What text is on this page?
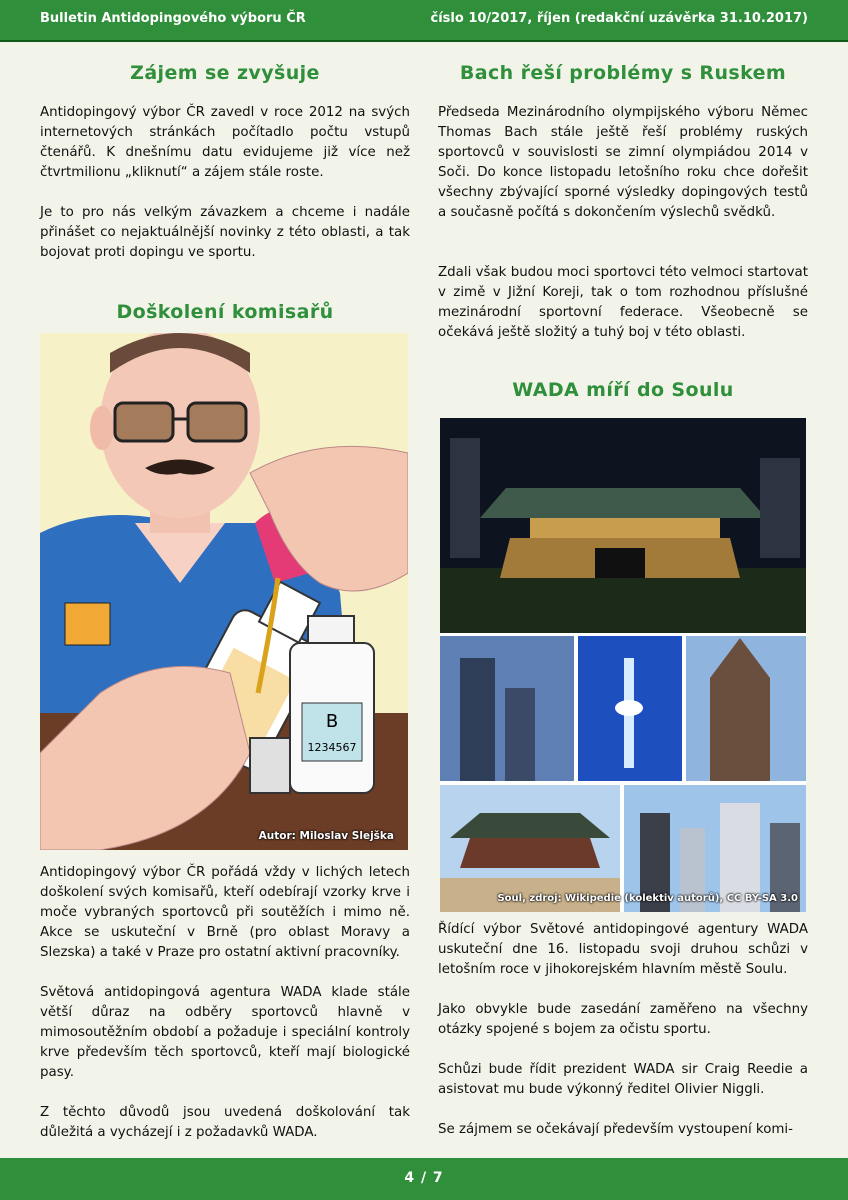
Bulletin Antidopingového výboru ČR	číslo 10/2017, říjen (redakční uzávěrka 31.10.2017)
Zájem se zvyšuje

Antidopingový výbor ČR zavedl v roce 2012 na svých internetových stránkách počítadlo počtu vstupů čtenářů. K dnešnímu datu evidujeme již více než čtvrtmilionu „kliknutí“ a zájem stále roste.

Je to pro nás velkým závazkem a chceme i nadále přinášet co nejaktuálnější novinky z této oblasti, a tak bojovat proti dopingu ve sportu.

Doškolení komisařů
B
1234567
Autor: Miloslav Slejška

Antidopingový výbor ČR pořádá vždy v lichých letech doškolení svých komisařů, kteří odebírají vzorky krve i moče vybraných sportovců při soutěžích i mimo ně. Akce se uskuteční v Brně (pro oblast Moravy a Slezska) a také v Praze pro ostatní aktivní pracovníky.

Světová antidopingová agentura WADA klade stále větší důraz na odběry sportovců hlavně v mimosoutěžním období a požaduje i speciální kontroly krve především těch sportovců, kteří mají biologické pasy.

Z těchto důvodů jsou uvedená doškolování tak důležitá a vycházejí i z požadavků WADA.

Bach řeší problémy s Ruskem

Předseda Mezinárodního olympijského výboru Němec Thomas Bach stále ještě řeší problémy ruských sportovců v souvislosti se zimní olympiádou 2014 v Soči. Do konce listopadu letošního roku chce dořešit všechny zbývající sporné výsledky dopingových testů a současně počítá s dokončením výslechů svědků.

Zdali však budou moci sportovci této velmoci startovat v zimě v Jižní Koreji, tak o tom rozhodnou příslušné mezinárodní sportovní federace. Všeobecně se očekává ještě složitý a tuhý boj v této oblasti.

WADA míří do Soulu
Soul, zdroj: Wikipedie (kolektiv autorů), CC BY-SA 3.0

Řídící výbor Světové antidopingové agentury WADA uskuteční dne 16. listopadu svoji druhou schůzi v letošním roce v jihokorejském hlavním městě Soulu.

Jako obvykle bude zasedání zaměřeno na všechny otázky spojené s bojem za očistu sportu.

Schůzi bude řídit prezident WADA sir Craig Reedie a asistovat mu bude výkonný ředitel Olivier Niggli.

Se zájmem se očekávají především vystoupení komi-

4 / 7
